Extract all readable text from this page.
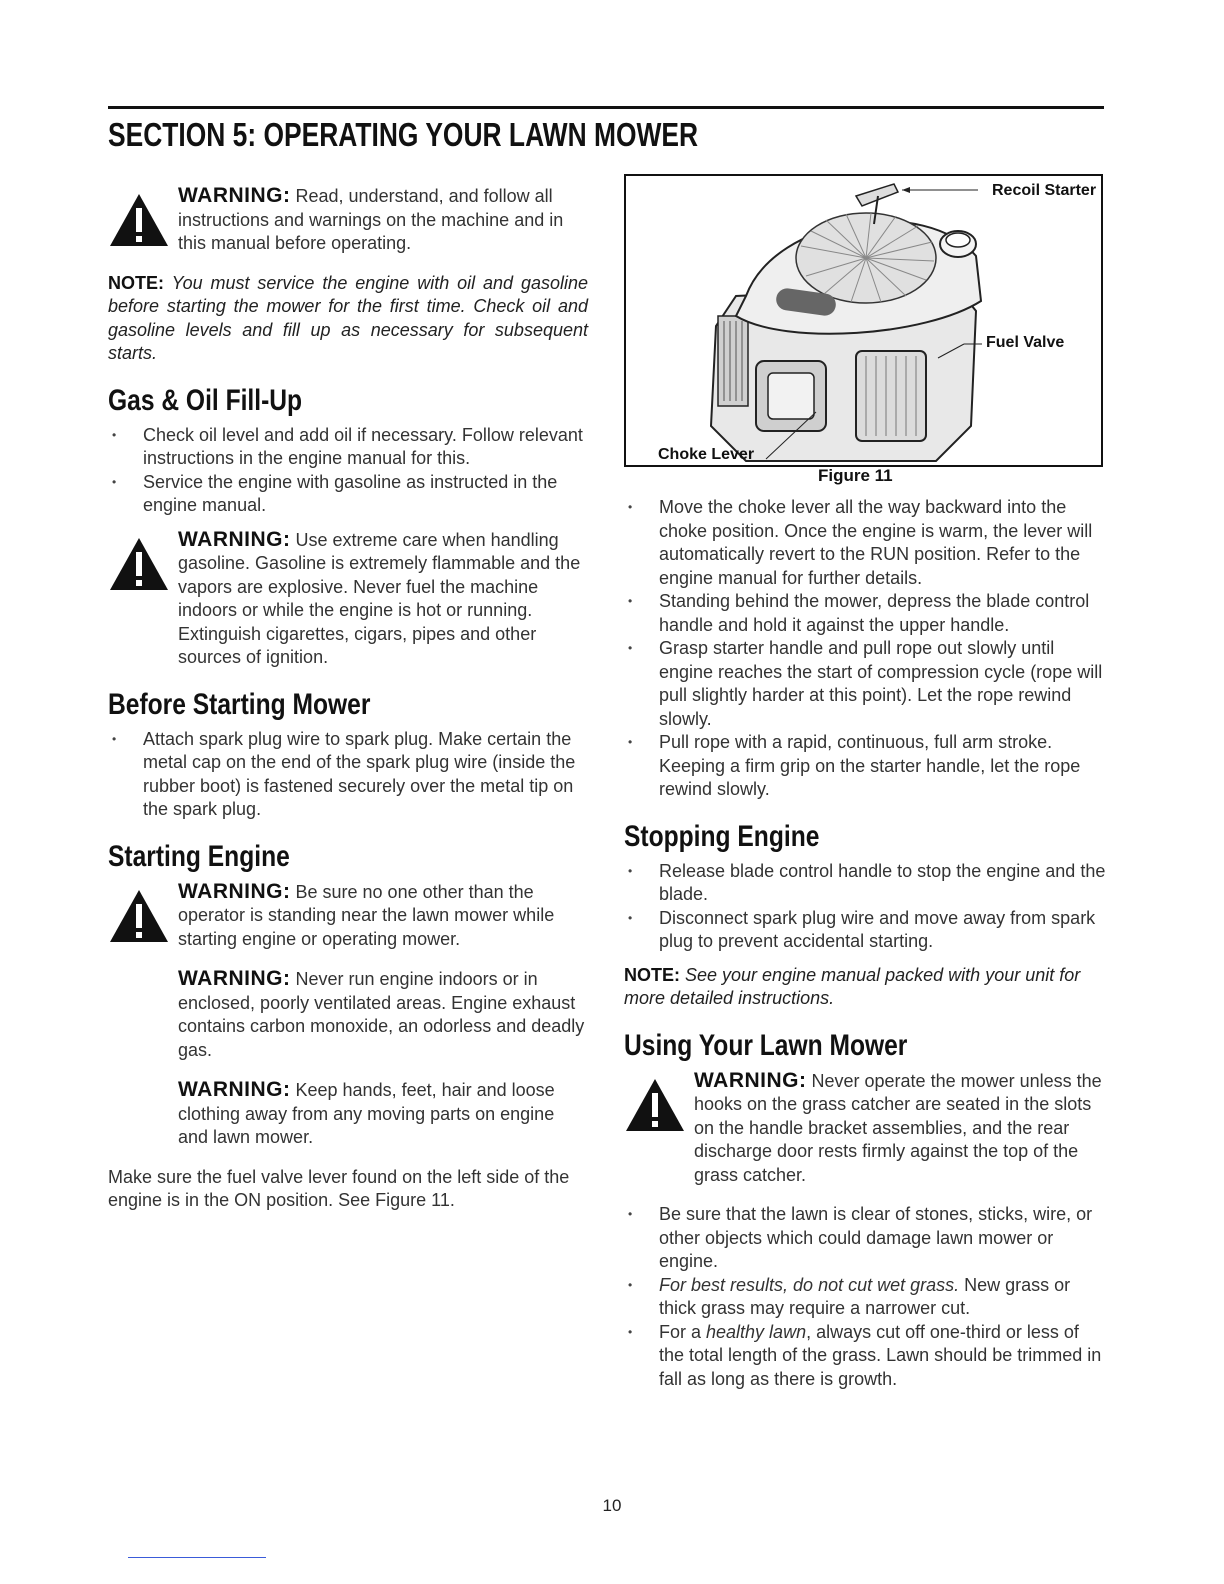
SECTION 5: OPERATING YOUR LAWN MOWER

WARNING: Read, understand, and follow all instructions and warnings on the machine and in this manual before operating.

NOTE: You must service the engine with oil and gasoline before starting the mower for the first time. Check oil and gasoline levels and fill up as necessary for subsequent starts.

Gas & Oil Fill-Up
• Check oil level and add oil if necessary. Follow relevant instructions in the engine manual for this.
• Service the engine with gasoline as instructed in the engine manual.

WARNING: Use extreme care when handling gasoline. Gasoline is extremely flammable and the vapors are explosive. Never fuel the machine indoors or while the engine is hot or running. Extinguish cigarettes, cigars, pipes and other sources of ignition.

Before Starting Mower
• Attach spark plug wire to spark plug. Make certain the metal cap on the end of the spark plug wire (inside the rubber boot) is fastened securely over the metal tip on the spark plug.
Starting Engine

WARNING: Be sure no one other than the operator is standing near the lawn mower while starting engine or operating mower.

WARNING: Never run engine indoors or in enclosed, poorly ventilated areas. Engine exhaust contains carbon monoxide, an odorless and deadly gas.

WARNING: Keep hands, feet, hair and loose clothing away from any moving parts on engine and lawn mower.

Make sure the fuel valve lever found on the left side of the engine is in the ON position. See Figure 11.

Recoil Starter
Fuel Valve
Choke Lever
Figure 11
• Move the choke lever all the way backward into the choke position. Once the engine is warm, the lever will automatically revert to the RUN position. Refer to the engine manual for further details.
• Standing behind the mower, depress the blade control handle and hold it against the upper handle.
• Grasp starter handle and pull rope out slowly until engine reaches the start of compression cycle (rope will pull slightly harder at this point). Let the rope rewind slowly.
• Pull rope with a rapid, continuous, full arm stroke. Keeping a firm grip on the starter handle, let the rope rewind slowly.
Stopping Engine
• Release blade control handle to stop the engine and the blade.
• Disconnect spark plug wire and move away from spark plug to prevent accidental starting.

NOTE: See your engine manual packed with your unit for more detailed instructions.

Using Your Lawn Mower

WARNING: Never operate the mower unless the hooks on the grass catcher are seated in the slots on the handle bracket assemblies, and the rear discharge door rests firmly against the top of the grass catcher.

• Be sure that the lawn is clear of stones, sticks, wire, or other objects which could damage lawn mower or engine.
• For best results, do not cut wet grass. New grass or thick grass may require a narrower cut.
• For a healthy lawn, always cut off one-third or less of the total length of the grass. Lawn should be trimmed in fall as long as there is growth.
10
